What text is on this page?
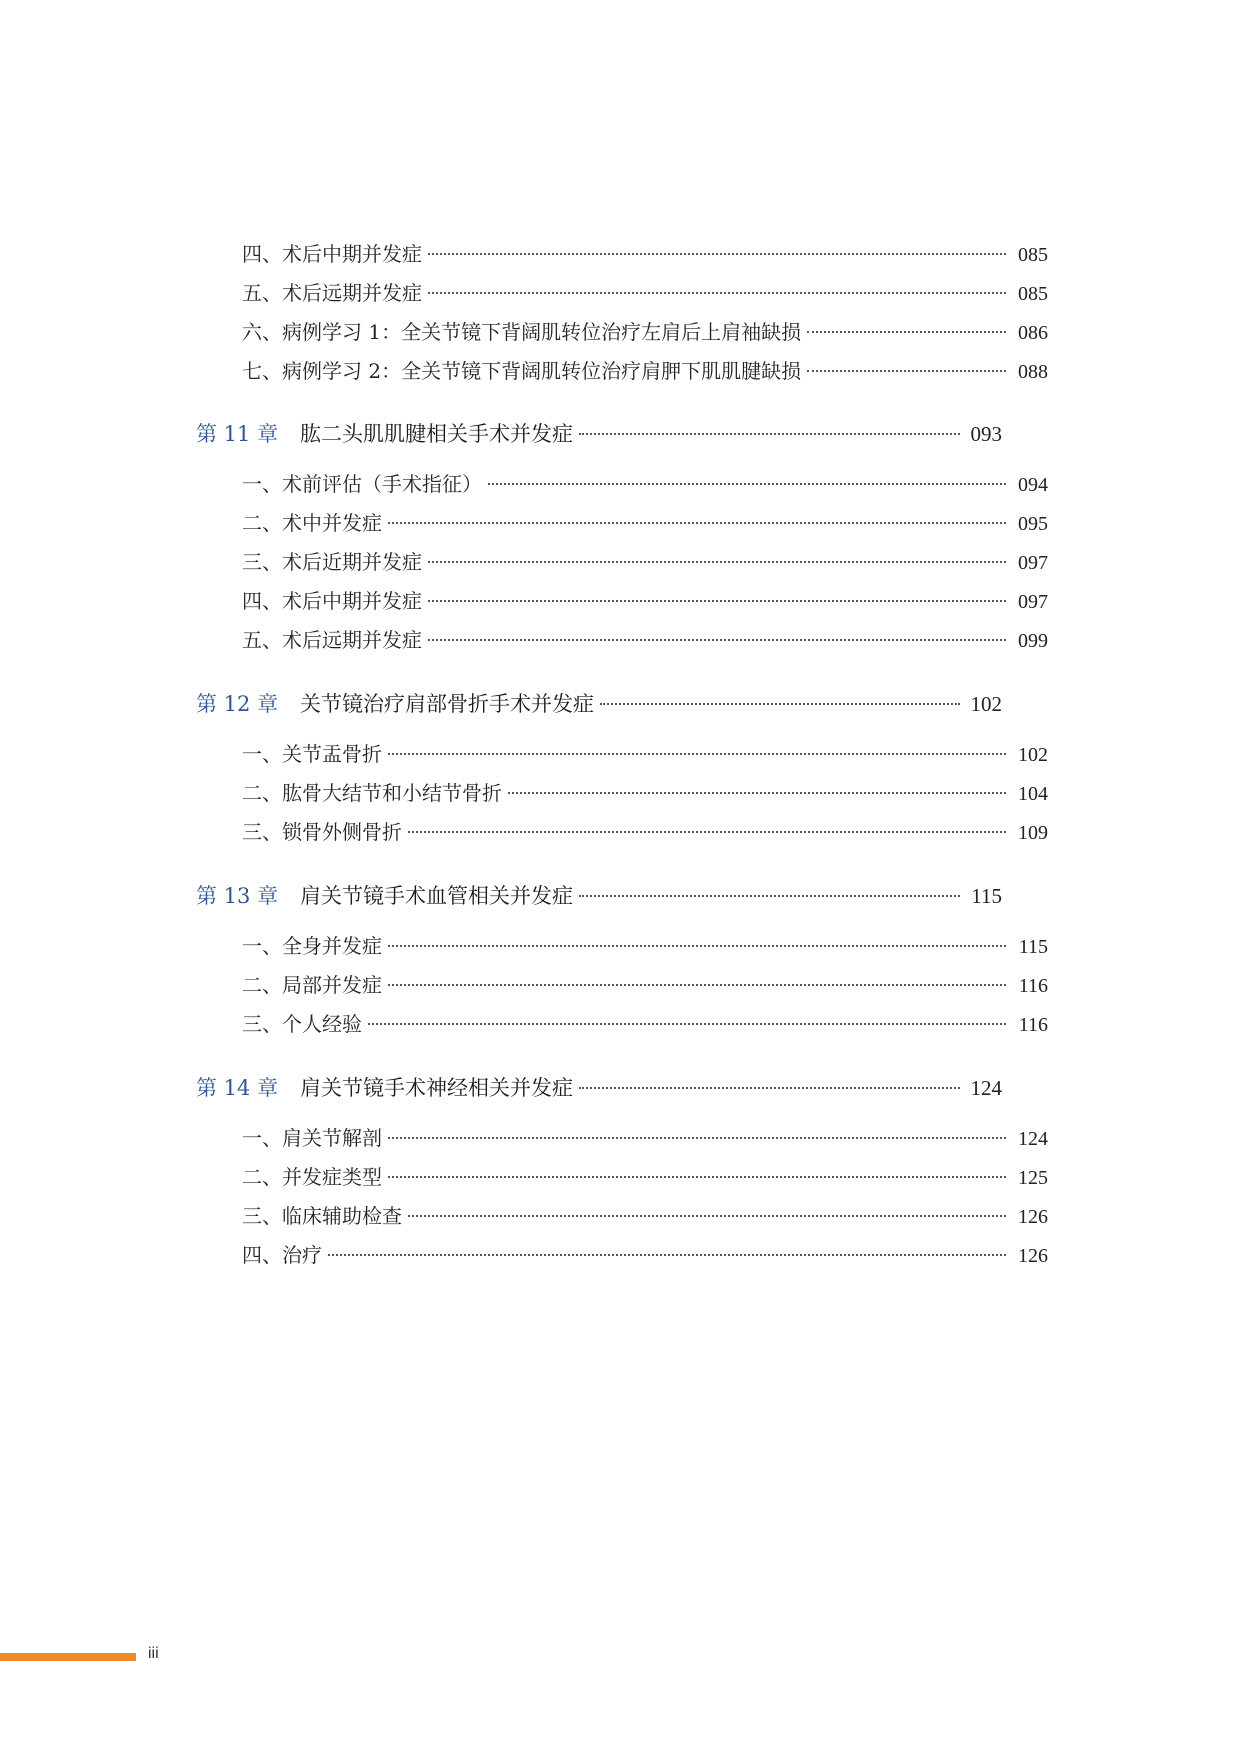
四、术后中期并发症	085
五、术后远期并发症	085
六、病例学习 1：全关节镜下背阔肌转位治疗左肩后上肩袖缺损	086
七、病例学习 2：全关节镜下背阔肌转位治疗肩胛下肌肌腱缺损	088
第 11 章	肱二头肌肌腱相关手术并发症	093
一、术前评估（手术指征）	094
二、术中并发症	095
三、术后近期并发症	097
四、术后中期并发症	097
五、术后远期并发症	099
第 12 章	关节镜治疗肩部骨折手术并发症	102
一、关节盂骨折	102
二、肱骨大结节和小结节骨折	104
三、锁骨外侧骨折	109
第 13 章	肩关节镜手术血管相关并发症	115
一、全身并发症	115
二、局部并发症	116
三、个人经验	116
第 14 章	肩关节镜手术神经相关并发症	124
一、肩关节解剖	124
二、并发症类型	125
三、临床辅助检查	126
四、治疗	126
iii
